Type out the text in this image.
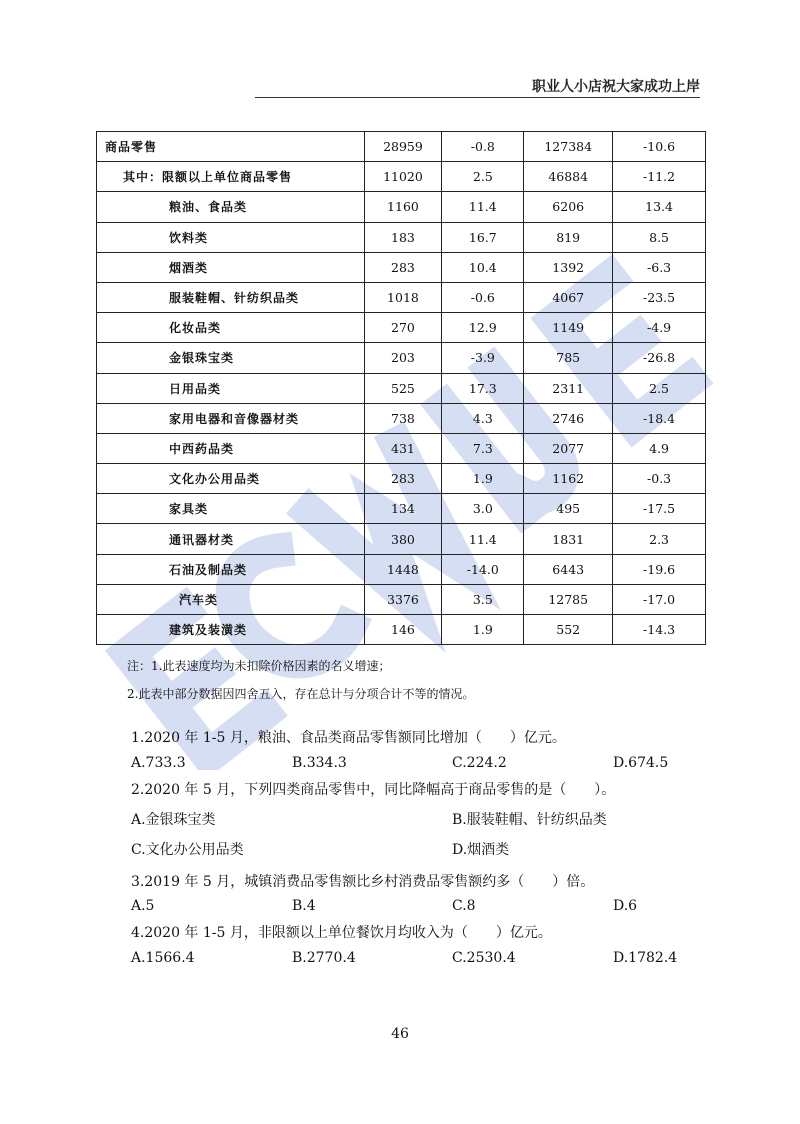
职业人小店祝大家成功上岸
商品零售	28959	-0.8	127384	-10.6
其中：限额以上单位商品零售	11020	2.5	46884	-11.2
粮油、食品类	1160	11.4	6206	13.4
饮料类	183	16.7	819	8.5
烟酒类	283	10.4	1392	-6.3
服装鞋帽、针纺织品类	1018	-0.6	4067	-23.5
化妆品类	270	12.9	1149	-4.9
金银珠宝类	203	-3.9	785	-26.8
日用品类	525	17.3	2311	2.5
家用电器和音像器材类	738	4.3	2746	-18.4
中西药品类	431	7.3	2077	4.9
文化办公用品类	283	1.9	1162	-0.3
家具类	134	3.0	495	-17.5
通讯器材类	380	11.4	1831	2.3
石油及制品类	1448	-14.0	6443	-19.6
汽车类	3376	3.5	12785	-17.0
建筑及装潢类	146	1.9	552	-14.3
注：1.此表速度均为未扣除价格因素的名义增速；
2.此表中部分数据因四舍五入，存在总计与分项合计不等的情况。
1.2020 年 1-5 月，粮油、食品类商品零售额同比增加（　　）亿元。
A.733.3	B.334.3	C.224.2	D.674.5
2.2020 年 5 月，下列四类商品零售中，同比降幅高于商品零售的是（　　）。
A.金银珠宝类	B.服装鞋帽、针纺织品类
C.文化办公用品类	D.烟酒类
3.2019 年 5 月，城镇消费品零售额比乡村消费品零售额约多（　　）倍。
A.5	B.4	C.8	D.6
4.2020 年 1-5 月，非限额以上单位餐饮月均收入为（　　）亿元。
A.1566.4	B.2770.4	C.2530.4	D.1782.4
46
